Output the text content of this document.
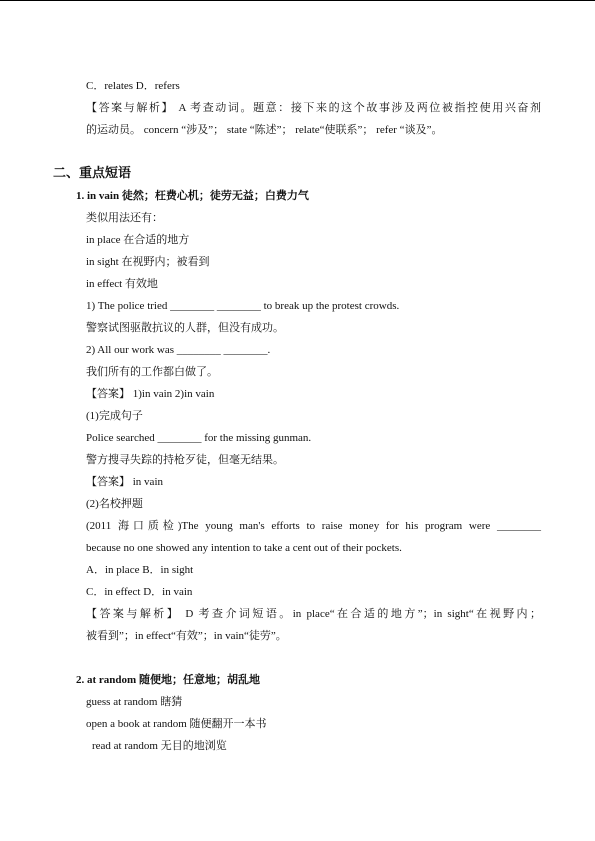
C．relates D．refers
【答案与解析】 A 考查动词。题意：接下来的这个故事涉及两位被指控使用兴奋剂
的运动员。 concern “涉及”； state “陈述”； relate“使联系”； refer “谈及”。
二、重点短语
1. in vain 徒然；枉费心机；徒劳无益；白费力气
类似用法还有：
in place 在合适的地方
in sight 在视野内；被看到
in effect 有效地
1) The police tried ________ ________ to break up the protest crowds.
警察试图驱散抗议的人群，但没有成功。
2) All our work was ________ ________.
我们所有的工作都白做了。
【答案】 1)in vain 2)in vain
(1)完成句子
Police searched ________ for the missing gunman.
警方搜寻失踪的持枪歹徒，但毫无结果。
【答案】 in vain
(2)名校押题
(2011 海口质检)The young man's efforts to raise money for his program were ________
because no one showed any intention to take a cent out of their pockets.
A．in place B．in sight
C．in effect D．in vain
【答案与解析】 D 考查介词短语。in place“在合适的地方”；in sight“在视野内；
被看到”；in effect“有效”；in vain“徒劳”。
2. at random 随便地；任意地；胡乱地
guess at random 瞎猜
open a book at random 随便翻开一本书
read at random 无目的地浏览
